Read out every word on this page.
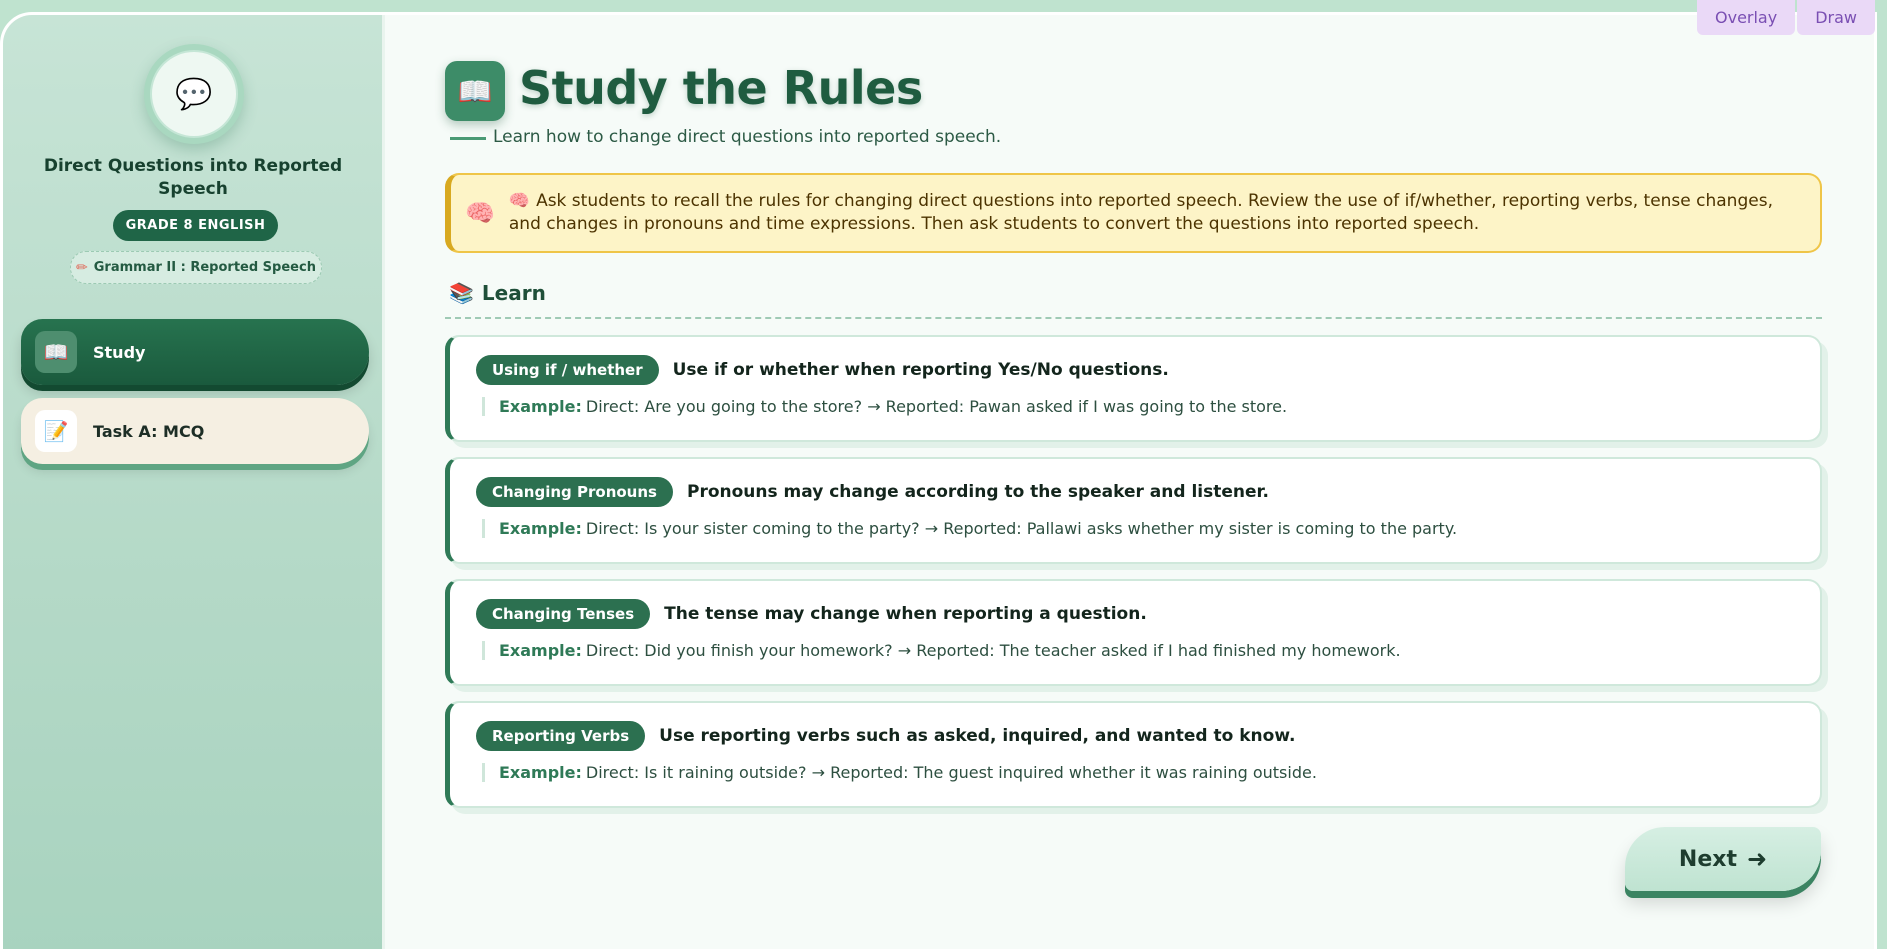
Overlay	Draw
💬
Direct Questions into Reported Speech
GRADE 8 ENGLISH
✏ Grammar II : Reported Speech
📖	Study
📝	Task A: MCQ
📖 Study the Rules
Learn how to change direct questions into reported speech.
🧠 🧠 Ask students to recall the rules for changing direct questions into reported speech. Review the use of if/whether, reporting verbs, tense changes, and changes in pronouns and time expressions. Then ask students to convert the questions into reported speech.
📚 Learn
Using if / whether	Use if or whether when reporting Yes/No questions.
Example: Direct: Are you going to the store? → Reported: Pawan asked if I was going to the store.
Changing Pronouns	Pronouns may change according to the speaker and listener.
Example: Direct: Is your sister coming to the party? → Reported: Pallawi asks whether my sister is coming to the party.
Changing Tenses	The tense may change when reporting a question.
Example: Direct: Did you finish your homework? → Reported: The teacher asked if I had finished my homework.
Reporting Verbs	Use reporting verbs such as asked, inquired, and wanted to know.
Example: Direct: Is it raining outside? → Reported: The guest inquired whether it was raining outside.
Next ➜
